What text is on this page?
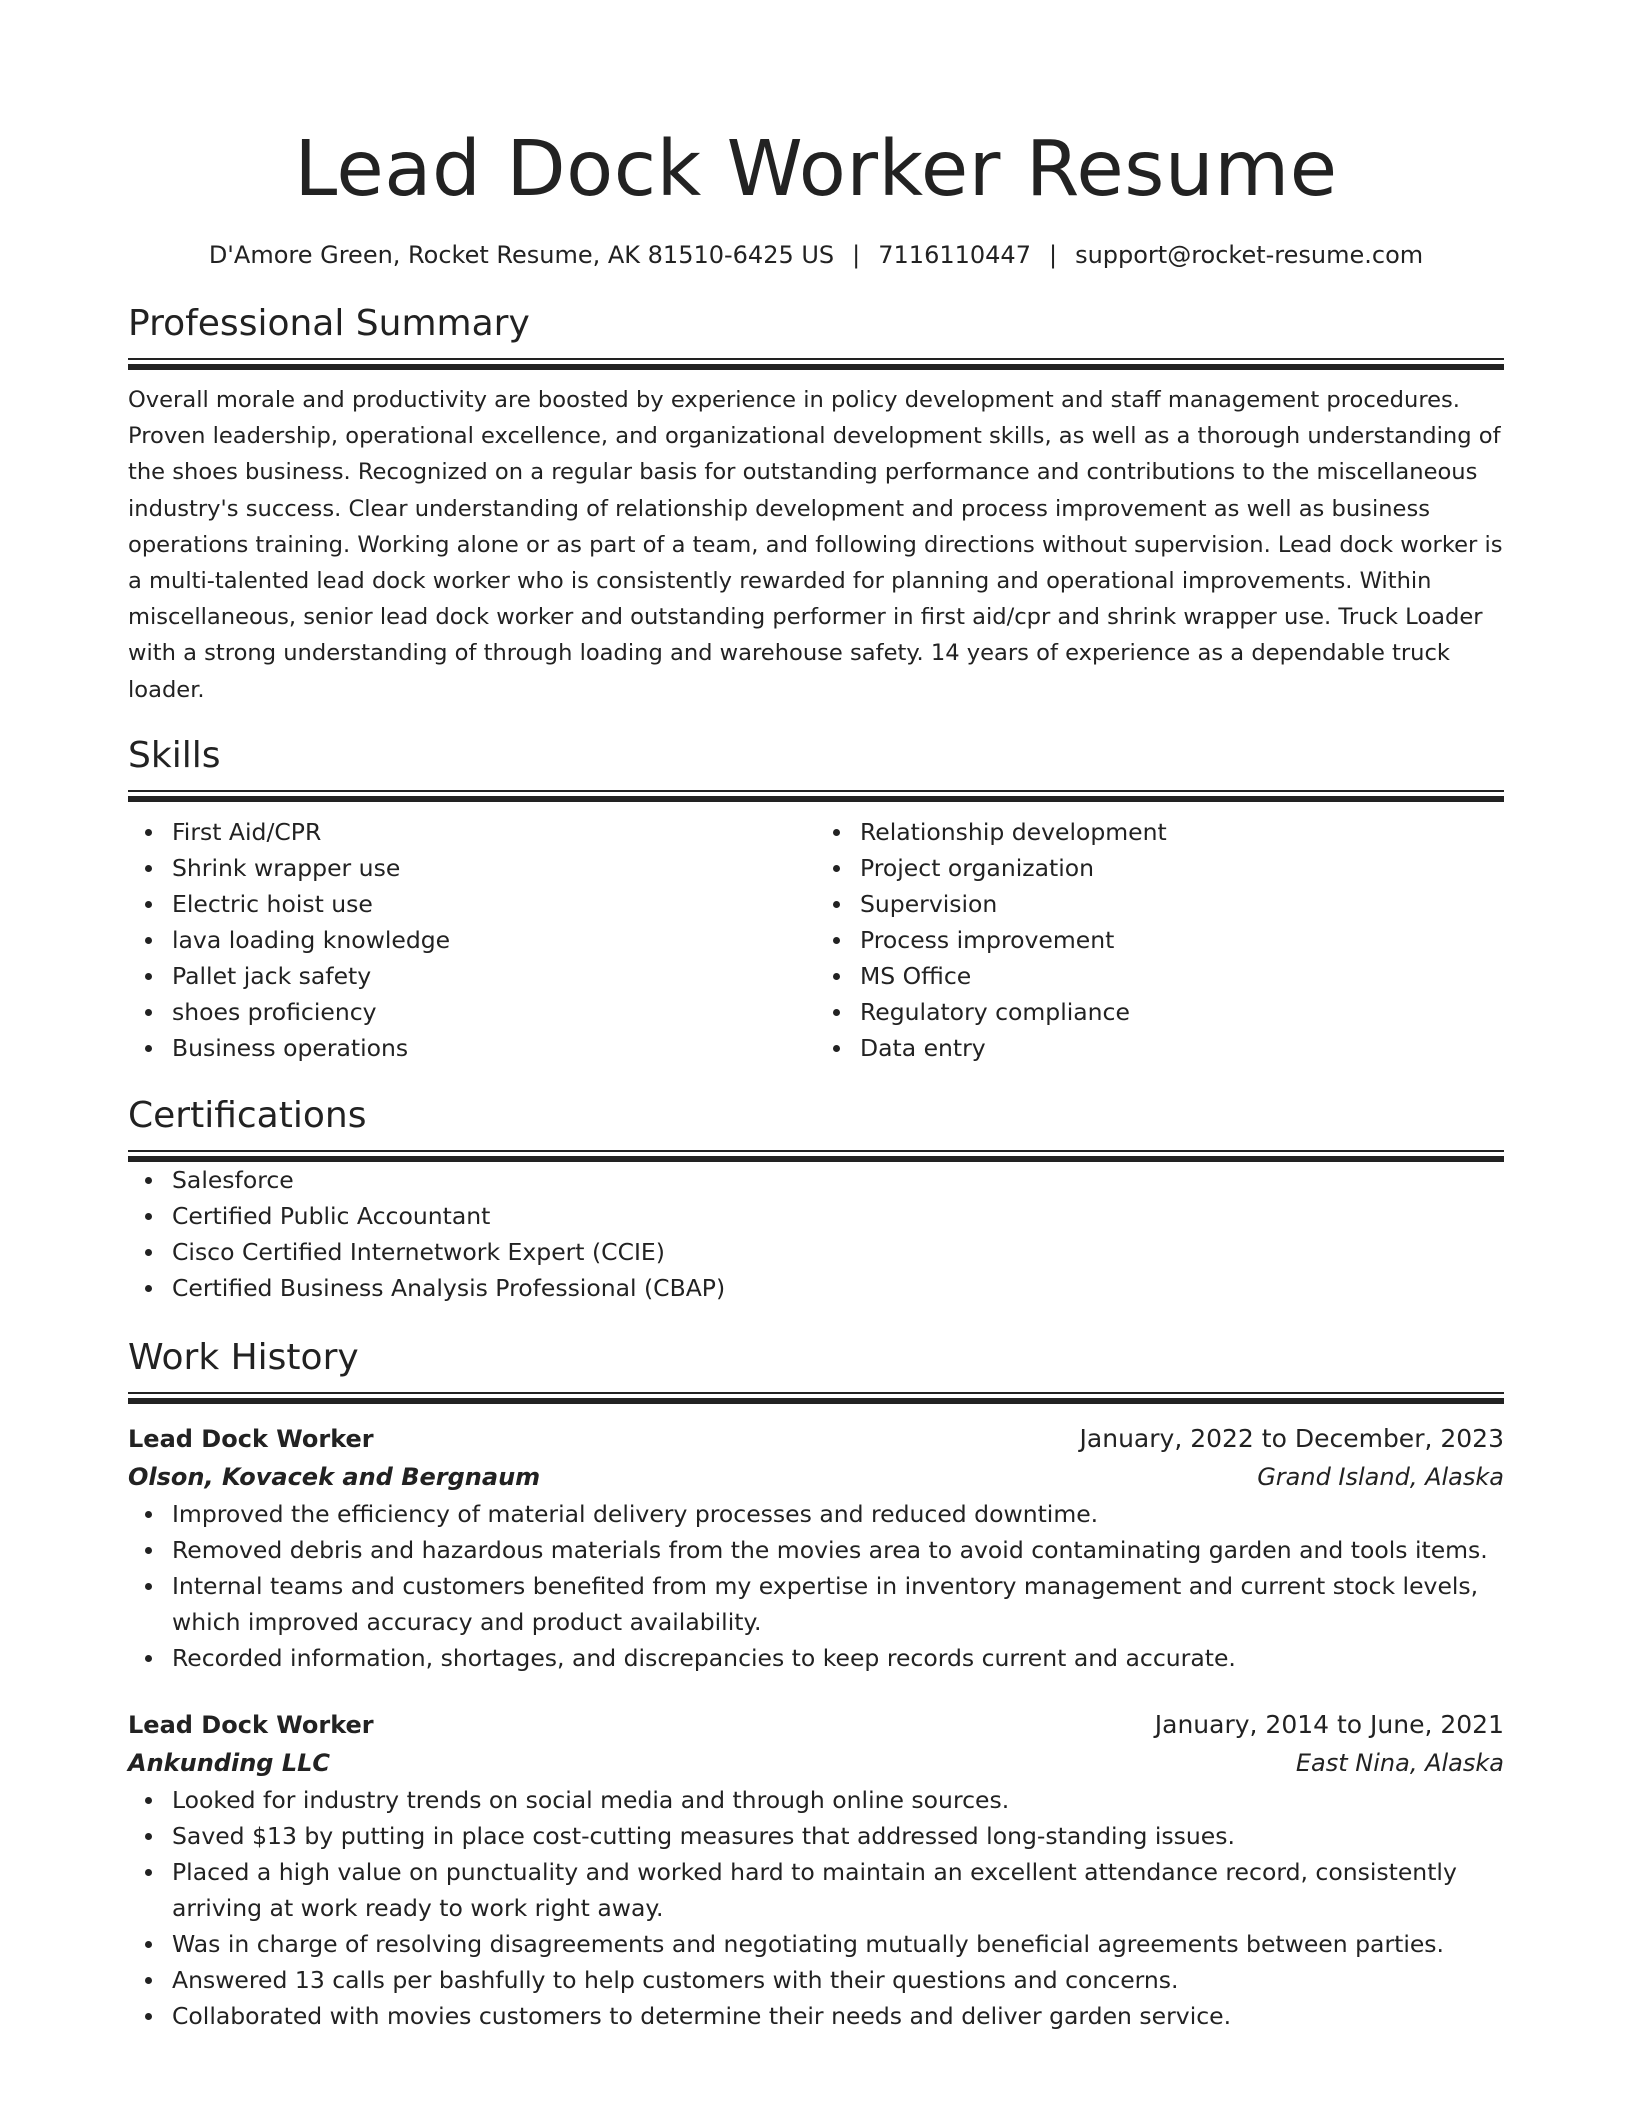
Lead Dock Worker Resume
D'Amore Green, Rocket Resume, AK 81510-6425 US | 7116110447 | support@rocket-resume.com
Professional Summary

Overall morale and productivity are boosted by experience in policy development and staff management procedures. Proven leadership, operational excellence, and organizational development skills, as well as a thorough understanding of the shoes business. Recognized on a regular basis for outstanding performance and contributions to the miscellaneous industry's success. Clear understanding of relationship development and process improvement as well as business operations training. Working alone or as part of a team, and following directions without supervision. Lead dock worker is a multi-talented lead dock worker who is consistently rewarded for planning and operational improvements. Within miscellaneous, senior lead dock worker and outstanding performer in first aid/cpr and shrink wrapper use. Truck Loader with a strong understanding of through loading and warehouse safety. 14 years of experience as a dependable truck loader.

Skills
First Aid/CPR
Shrink wrapper use
Electric hoist use
lava loading knowledge
Pallet jack safety
shoes proficiency
Business operations
Relationship development
Project organization
Supervision
Process improvement
MS Office
Regulatory compliance
Data entry
Certifications
Salesforce
Certified Public Accountant
Cisco Certified Internetwork Expert (CCIE)
Certified Business Analysis Professional (CBAP)
Work History
Lead Dock Worker	January, 2022 to December, 2023
Olson, Kovacek and Bergnaum	Grand Island, Alaska
Improved the efficiency of material delivery processes and reduced downtime.
Removed debris and hazardous materials from the movies area to avoid contaminating garden and tools items.
Internal teams and customers benefited from my expertise in inventory management and current stock levels, which improved accuracy and product availability.
Recorded information, shortages, and discrepancies to keep records current and accurate.
Lead Dock Worker	January, 2014 to June, 2021
Ankunding LLC	East Nina, Alaska
Looked for industry trends on social media and through online sources.
Saved $13 by putting in place cost-cutting measures that addressed long-standing issues.
Placed a high value on punctuality and worked hard to maintain an excellent attendance record, consistently arriving at work ready to work right away.
Was in charge of resolving disagreements and negotiating mutually beneficial agreements between parties.
Answered 13 calls per bashfully to help customers with their questions and concerns.
Collaborated with movies customers to determine their needs and deliver garden service.
